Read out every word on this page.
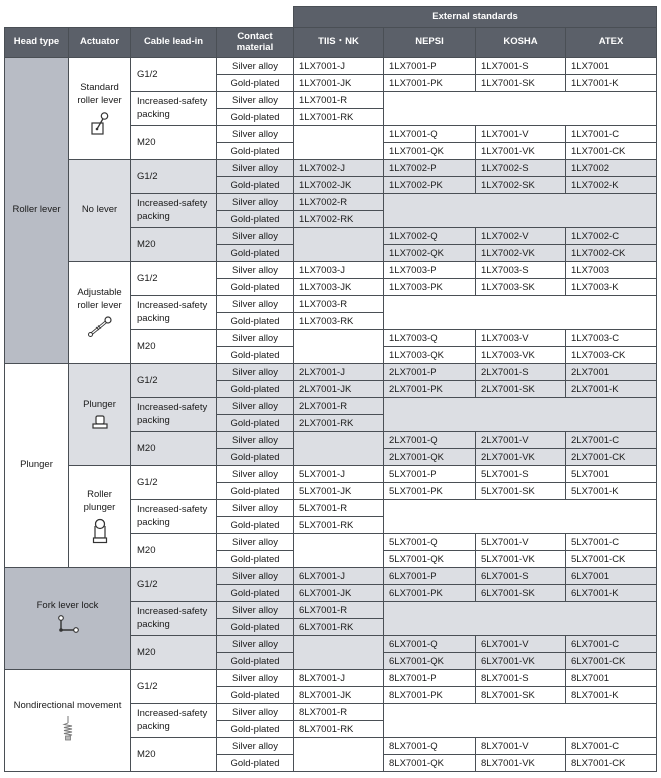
				External standards			
Head type	Actuator	Cable lead-in	Contact material	TIIS・NK	NEPSI	KOSHA	ATEX

Roller lever	Standard roller lever	G1/2	Silver alloy	1LX7001-J	1LX7001-P	1LX7001-S	1LX7001
			Gold-plated	1LX7001-JK	1LX7001-PK	1LX7001-SK	1LX7001-K
		Increased-safety packing	Silver alloy	1LX7001-R			
			Gold-plated	1LX7001-RK			
		M20	Silver alloy		1LX7001-Q	1LX7001-V	1LX7001-C
			Gold-plated		1LX7001-QK	1LX7001-VK	1LX7001-CK

	No lever	G1/2	Silver alloy	1LX7002-J	1LX7002-P	1LX7002-S	1LX7002
			Gold-plated	1LX7002-JK	1LX7002-PK	1LX7002-SK	1LX7002-K
		Increased-safety packing	Silver alloy	1LX7002-R			
			Gold-plated	1LX7002-RK			
		M20	Silver alloy		1LX7002-Q	1LX7002-V	1LX7002-C
			Gold-plated		1LX7002-QK	1LX7002-VK	1LX7002-CK

	Adjustable roller lever	G1/2	Silver alloy	1LX7003-J	1LX7003-P	1LX7003-S	1LX7003
			Gold-plated	1LX7003-JK	1LX7003-PK	1LX7003-SK	1LX7003-K
		Increased-safety packing	Silver alloy	1LX7003-R			
			Gold-plated	1LX7003-RK			
		M20	Silver alloy		1LX7003-Q	1LX7003-V	1LX7003-C
			Gold-plated		1LX7003-QK	1LX7003-VK	1LX7003-CK

Plunger	Plunger	G1/2	Silver alloy	2LX7001-J	2LX7001-P	2LX7001-S	2LX7001
			Gold-plated	2LX7001-JK	2LX7001-PK	2LX7001-SK	2LX7001-K
		Increased-safety packing	Silver alloy	2LX7001-R			
			Gold-plated	2LX7001-RK			
		M20	Silver alloy		2LX7001-Q	2LX7001-V	2LX7001-C
			Gold-plated		2LX7001-QK	2LX7001-VK	2LX7001-CK

	Roller plunger	G1/2	Silver alloy	5LX7001-J	5LX7001-P	5LX7001-S	5LX7001
			Gold-plated	5LX7001-JK	5LX7001-PK	5LX7001-SK	5LX7001-K
		Increased-safety packing	Silver alloy	5LX7001-R			
			Gold-plated	5LX7001-RK			
		M20	Silver alloy		5LX7001-Q	5LX7001-V	5LX7001-C
			Gold-plated		5LX7001-QK	5LX7001-VK	5LX7001-CK

Fork lever lock		G1/2	Silver alloy	6LX7001-J	6LX7001-P	6LX7001-S	6LX7001
			Gold-plated	6LX7001-JK	6LX7001-PK	6LX7001-SK	6LX7001-K
		Increased-safety packing	Silver alloy	6LX7001-R			
			Gold-plated	6LX7001-RK			
		M20	Silver alloy		6LX7001-Q	6LX7001-V	6LX7001-C
			Gold-plated		6LX7001-QK	6LX7001-VK	6LX7001-CK

Nondirectional movement		G1/2	Silver alloy	8LX7001-J	8LX7001-P	8LX7001-S	8LX7001
			Gold-plated	8LX7001-JK	8LX7001-PK	8LX7001-SK	8LX7001-K
		Increased-safety packing	Silver alloy	8LX7001-R			
			Gold-plated	8LX7001-RK			
		M20	Silver alloy		8LX7001-Q	8LX7001-V	8LX7001-C
			Gold-plated		8LX7001-QK	8LX7001-VK	8LX7001-CK
